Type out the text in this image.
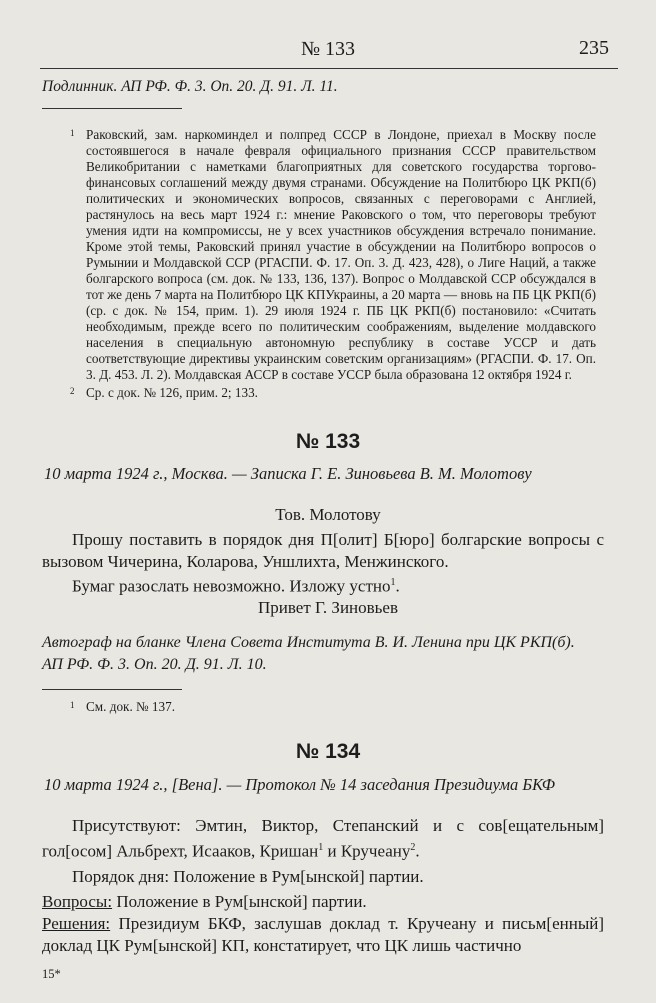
№ 133	235
Подлинник. АП РФ. Ф. 3. Оп. 20. Д. 91. Л. 11.
1 Раковский, зам. наркоминдел и полпред СССР в Лондоне, приехал в Москву после состоявшегося в начале февраля официального признания СССР правительством Великобритании с наметками благоприятных для советского государства торгово-финансовых соглашений между двумя странами. Обсуждение на Политбюро ЦК РКП(б) политических и экономических вопросов, связанных с переговорами с Англией, растянулось на весь март 1924 г.: мнение Раковского о том, что переговоры требуют умения идти на компромиссы, не у всех участников обсуждения встречало понимание. Кроме этой темы, Раковский принял участие в обсуждении на Политбюро вопросов о Румынии и Молдавской ССР (РГАСПИ. Ф. 17. Оп. 3. Д. 423, 428), о Лиге Наций, а также болгарского вопроса (см. док. № 133, 136, 137). Вопрос о Молдавской ССР обсуждался в тот же день 7 марта на Политбюро ЦК КПУкраины, а 20 марта — вновь на ПБ ЦК РКП(б) (ср. с док. № 154, прим. 1). 29 июля 1924 г. ПБ ЦК РКП(б) постановило: «Считать необходимым, прежде всего по политическим соображениям, выделение молдавского населения в специальную автономную республику в составе УССР и дать соответствующие директивы украинским советским организациям» (РГАСПИ. Ф. 17. Оп. 3. Д. 453. Л. 2). Молдавская АССР в составе УССР была образована 12 октября 1924 г.
2 Ср. с док. № 126, прим. 2; 133.
№ 133
10 марта 1924 г., Москва. — Записка Г. Е. Зиновьева В. М. Молотову
Тов. Молотову
Прошу поставить в порядок дня П[олит] Б[юро] болгарские вопросы с вызовом Чичерина, Коларова, Уншлихта, Менжинского.
Бумаг разослать невозможно. Изложу устно$^1$.
Привет Г. Зиновьев
Автограф на бланке Члена Совета Института В. И. Ленина при ЦК РКП(б).
АП РФ. Ф. 3. Оп. 20. Д. 91. Л. 10.
1 См. док. № 137.
№ 134
10 марта 1924 г., [Вена]. — Протокол № 14 заседания Президиума БКФ
Присутствуют: Эмтин, Виктор, Степанский и с сов[ещательным] гол[осом] Альбрехт, Исааков, Кришан$^1$ и Кручеану$^2$.
Порядок дня: Положение в Рум[ынской] партии.
Вопросы: Положение в Рум[ынской] партии.
Решения: Президиум БКФ, заслушав доклад т. Кручеану и письм[енный] доклад ЦК Рум[ынской] КП, констатирует, что ЦК лишь частично
15*
